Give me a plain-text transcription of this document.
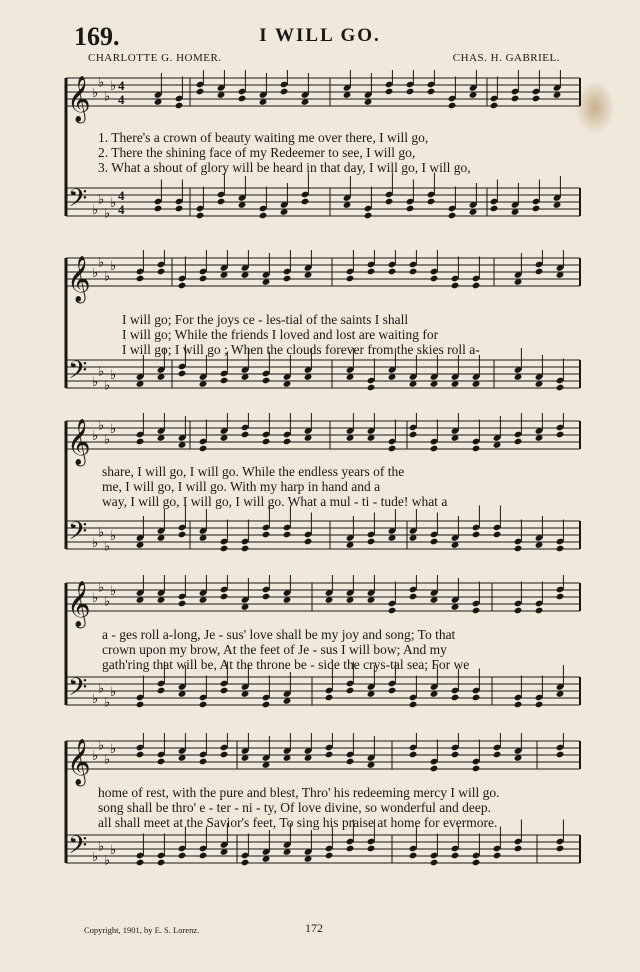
169.	I WILL GO.
CHARLOTTE G. HOMER.	CHAS. H. GABRIEL.
𝄞 ♭
♭
♭
♭
𝄢 ♭
♭
♭
♭
4
4
4
4
1. There's a crown of beauty waiting me over there, I will go,
2. There the shining face of my Redeemer to see, I will go,
3. What a shout of glory will be heard in that day, I will go, I will go,
𝄞 ♭
♭
♭
♭
𝄢 ♭
♭
♭
♭
I will go; For the joys ce - les-tial of the saints I shall
I will go; While the friends I loved and lost are waiting for
I will go; I will go ; When the clouds forever from the skies roll a-
𝄞 ♭
♭
♭
♭
𝄢 ♭
♭
♭
♭
share, I will go, I will go. While the endless years of the
me, I will go, I will go. With my harp in hand and a
way, I will go, I will go, I will go. What a mul - ti - tude! what a
𝄞 ♭
♭
♭
♭
𝄢 ♭
♭
♭
♭
a - ges roll a-long, Je - sus' love shall be my joy and song; To that
crown upon my brow, At the feet of Je - sus I will bow; And my
gath'ring that will be, At the throne be - side the crys-tal sea; For we
𝄞 ♭
♭
♭
♭
𝄢 ♭
♭
♭
♭
home of rest, with the pure and blest, Thro' his redeeming mercy I will go.
song shall be thro' e - ter - ni - ty, Of love divine, so wonderful and deep.
all shall meet at the Savior's feet, To sing his praise at home for evermore.
Copyright, 1901, by E. S. Lorenz.	172
